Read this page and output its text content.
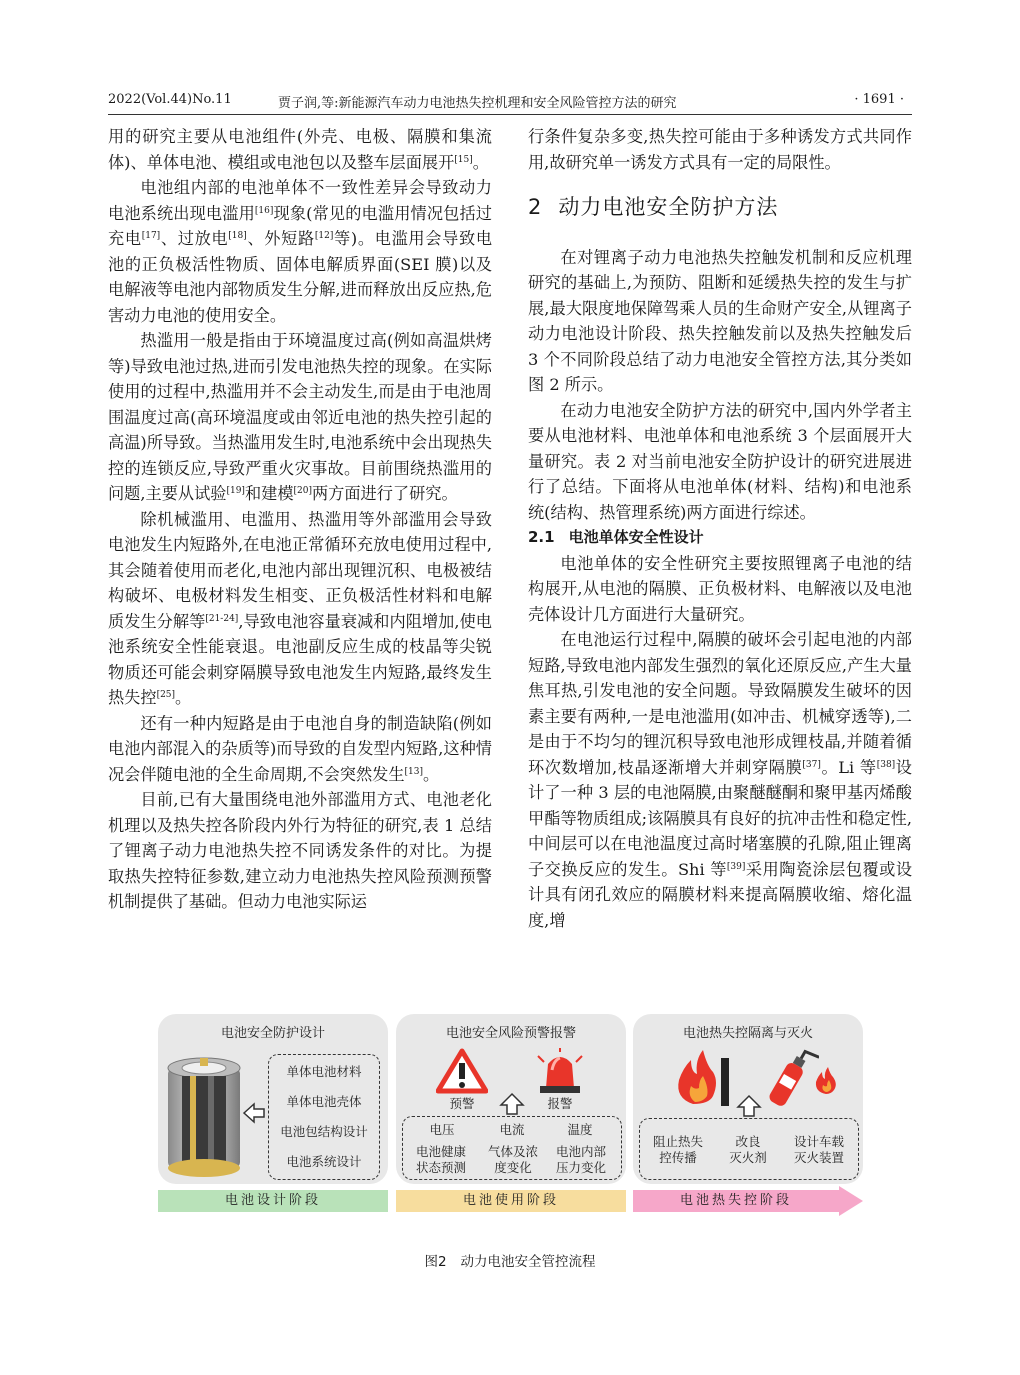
2022(Vol.44)No.11	贾子润,等:新能源汽车动力电池热失控机理和安全风险管控方法的研究	· 1691 ·

用的研究主要从电池组件(外壳、电极、隔膜和集流体)、单体电池、模组或电池包以及整车层面展开[15]。

电池组内部的电池单体不一致性差异会导致动力电池系统出现电滥用[16]现象(常见的电滥用情况包括过充电[17]、过放电[18]、外短路[12]等)。电滥用会导致电池的正负极活性物质、固体电解质界面(SEI 膜)以及电解液等电池内部物质发生分解,进而释放出反应热,危害动力电池的使用安全。

热滥用一般是指由于环境温度过高(例如高温烘烤等)导致电池过热,进而引发电池热失控的现象。在实际使用的过程中,热滥用并不会主动发生,而是由于电池周围温度过高(高环境温度或由邻近电池的热失控引起的高温)所导致。当热滥用发生时,电池系统中会出现热失控的连锁反应,导致严重火灾事故。目前围绕热滥用的问题,主要从试验[19]和建模[20]两方面进行了研究。

除机械滥用、电滥用、热滥用等外部滥用会导致电池发生内短路外,在电池正常循环充放电使用过程中,其会随着使用而老化,电池内部出现锂沉积、电极被结构破坏、电极材料发生相变、正负极活性材料和电解质发生分解等[21-24],导致电池容量衰减和内阻增加,使电池系统安全性能衰退。电池副反应生成的枝晶等尖锐物质还可能会刺穿隔膜导致电池发生内短路,最终发生热失控[25]。

还有一种内短路是由于电池自身的制造缺陷(例如电池内部混入的杂质等)而导致的自发型内短路,这种情况会伴随电池的全生命周期,不会突然发生[13]。

目前,已有大量围绕电池外部滥用方式、电池老化机理以及热失控各阶段内外行为特征的研究,表 1 总结了锂离子动力电池热失控不同诱发条件的对比。为提取热失控特征参数,建立动力电池热失控风险预测预警机制提供了基础。但动力电池实际运

行条件复杂多变,热失控可能由于多种诱发方式共同作用,故研究单一诱发方式具有一定的局限性。

2 动力电池安全防护方法

在对锂离子动力电池热失控触发机制和反应机理研究的基础上,为预防、阻断和延缓热失控的发生与扩展,最大限度地保障驾乘人员的生命财产安全,从锂离子动力电池设计阶段、热失控触发前以及热失控触发后 3 个不同阶段总结了动力电池安全管控方法,其分类如图 2 所示。

在动力电池安全防护方法的研究中,国内外学者主要从电池材料、电池单体和电池系统 3 个层面展开大量研究。表 2 对当前电池安全防护设计的研究进展进行了总结。下面将从电池单体(材料、结构)和电池系统(结构、热管理系统)两方面进行综述。

2.1 电池单体安全性设计

电池单体的安全性研究主要按照锂离子电池的结构展开,从电池的隔膜、正负极材料、电解液以及电池壳体设计几方面进行大量研究。

在电池运行过程中,隔膜的破坏会引起电池的内部短路,导致电池内部发生强烈的氧化还原反应,产生大量焦耳热,引发电池的安全问题。导致隔膜发生破坏的因素主要有两种,一是电池滥用(如冲击、机械穿透等),二是由于不均匀的锂沉积导致电池形成锂枝晶,并随着循环次数增加,枝晶逐渐增大并刺穿隔膜[37]。Li 等[38]设计了一种 3 层的电池隔膜,由聚醚醚酮和聚甲基丙烯酸甲酯等物质组成;该隔膜具有良好的抗冲击性和稳定性,中间层可以在电池温度过高时堵塞膜的孔隙,阻止锂离子交换反应的发生。Shi 等[39]采用陶瓷涂层包覆或设计具有闭孔效应的隔膜材料来提高隔膜收缩、熔化温度,增

电池安全防护设计
单体电池材料
单体电池壳体
电池包结构设计
电池系统设计
电池安全风险预警报警
预警	报警
电压	电流	温度
电池健康
状态预测
气体及浓
度变化
电池内部
压力变化
电池热失控隔离与灭火
阻止热失
控传播
改良
灭火剂
设计车载
灭火装置
电池设计阶段	电池使用阶段	电池热失控阶段
图2 动力电池安全管控流程
